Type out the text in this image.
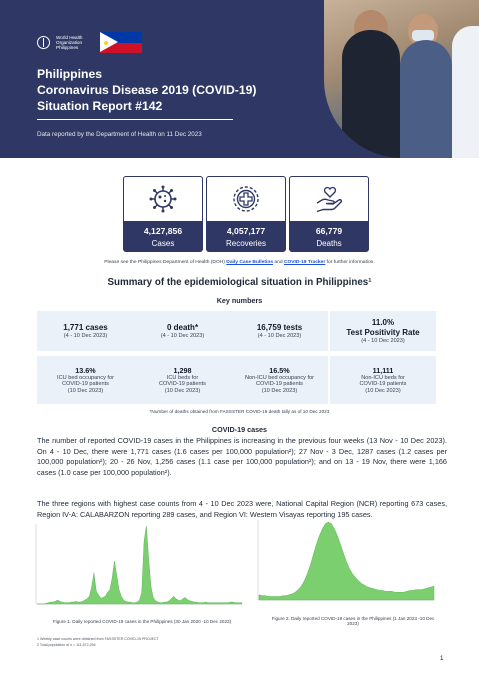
World Health Organization Philippines
Philippines
Coronavirus Disease 2019 (COVID-19)
Situation Report #142
Data reported by the Department of Health on 11 Dec 2023
4,127,856
Cases
4,057,177
Recoveries
66,779
Deaths
Please see the Philippines Department of Health (DOH) Daily Case Bulletins and COVID-19 Tracker for further information.
Summary of the epidemiological situation in Philippines¹
Key numbers
1,771 cases
(4 - 10 Dec 2023)
0 death*
(4 - 10 Dec 2023)
16,759 tests
(4 - 10 Dec 2023)
11.0%
Test Positivity Rate
(4 - 10 Dec 2023)
13.6%
ICU bed occupancy for
COVID-19 patients
(10 Dec 2023)
1,298
ICU beds for
COVID-19 patients
(10 Dec 2023)
16.5%
Non-ICU bed occupancy for
COVID-19 patients
(10 Dec 2023)
11,111
Non-ICU beds for
COVID-19 patients
(10 Dec 2023)
*Number of deaths obtained from FASSSTER COVID-19 death tally as of 10 Dec 2023
COVID-19 cases
The number of reported COVID-19 cases in the Philippines is increasing in the previous four weeks (13 Nov - 10 Dec 2023). On 4 - 10 Dec, there were 1,771 cases (1.6 cases per 100,000 population²); 27 Nov - 3 Dec, 1287 cases (1.2 cases per 100,000 population²); 20 - 26 Nov, 1,256 cases (1.1 case per 100,000 population²); and on 13 - 19 Nov, there were 1,166 cases (1.0 case per 100,000 population²).
The three regions with highest case counts from 4 - 10 Dec 2023 were, National Capital Region (NCR) reporting 673 cases, Region IV-A: CALABARZON reporting 289 cases, and Region VI: Western Visayas reporting 195 cases.
Figure 1. Daily reported COVID-19 cases in the Philippines (30 Jan 2020 -10 Dec 2023)
Figure 2. Daily reported COVID-19 cases in the Philippines (1 Jan 2023 -10 Dec 2023)
1 Weekly case counts were obtained from FASSSTER COVID-19 PROJECT
2 Total population of n = 111,572,254
1
